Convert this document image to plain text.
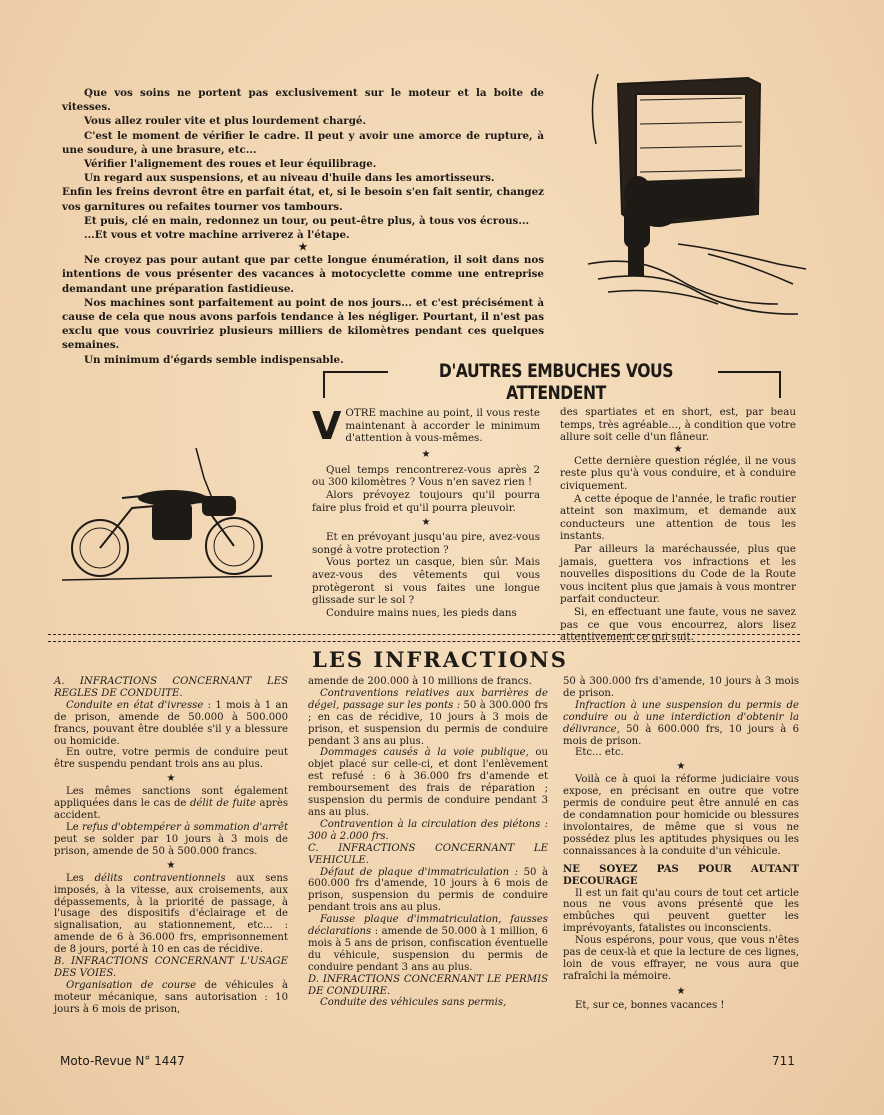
Que vos soins ne portent pas exclusivement sur le moteur et la boite de vitesses.

Vous allez rouler vite et plus lourdement chargé.

C'est le moment de vérifier le cadre. Il peut y avoir une amorce de rupture, à une soudure, à une brasure, etc...

Vérifier l'alignement des roues et leur équilibrage.

Un regard aux suspensions, et au niveau d'huile dans les amortisseurs.

Enfin les freins devront être en parfait état, et, si le besoin s'en fait sentir, changez vos garnitures ou refaites tourner vos tambours.

Et puis, clé en main, redonnez un tour, ou peut-être plus, à tous vos écrous...

...Et vous et votre machine arriverez à l'étape.

★

Ne croyez pas pour autant que par cette longue énumération, il soit dans nos intentions de vous présenter des vacances à motocyclette comme une entreprise demandant une préparation fastidieuse.

Nos machines sont parfaitement au point de nos jours... et c'est précisément à cause de cela que nous avons parfois tendance à les négliger. Pourtant, il n'est pas exclu que vous couvririez plusieurs milliers de kilomètres pendant ces quelques semaines.

Un minimum d'égards semble indispensable.

D'AUTRES EMBUCHES VOUS ATTENDENT

VOTRE machine au point, il vous reste maintenant à accorder le minimum d'attention à vous-mêmes.

★

Quel temps rencontrerez-vous après 2 ou 300 kilomètres ? Vous n'en savez rien !

Alors prévoyez toujours qu'il pourra faire plus froid et qu'il pourra pleuvoir.

★

Et en prévoyant jusqu'au pire, avez-vous songé à votre protection ?

Vous portez un casque, bien sûr. Mais avez-vous des vêtements qui vous protègeront si vous faites une longue glissade sur le sol ?

Conduire mains nues, les pieds dans

des spartiates et en short, est, par beau temps, très agréable..., à condition que votre allure soit celle d'un flâneur.

★

Cette dernière question réglée, il ne vous reste plus qu'à vous conduire, et à conduire civiquement.

A cette époque de l'année, le trafic routier atteint son maximum, et demande aux conducteurs une attention de tous les instants.

Par ailleurs la maréchaussée, plus que jamais, guettera vos infractions et les nouvelles dispositions du Code de la Route vous incitent plus que jamais à vous montrer parfait conducteur.

Si, en effectuant une faute, vous ne savez pas ce que vous encourrez, alors lisez attentivement ce qui suit.

LES INFRACTIONS

A. INFRACTIONS CONCERNANT LES REGLES DE CONDUITE.

Conduite en état d'ivresse : 1 mois à 1 an de prison, amende de 50.000 à 500.000 francs, pouvant être doublée s'il y a blessure ou homicide.

En outre, votre permis de conduire peut être suspendu pendant trois ans au plus.

★

Les mêmes sanctions sont également appliquées dans le cas de délit de fuite après accident.

Le refus d'obtempérer à sommation d'arrêt peut se solder par 10 jours à 3 mois de prison, amende de 50 à 500.000 francs.

★

Les délits contraventionnels aux sens imposés, à la vitesse, aux croisements, aux dépassements, à la priorité de passage, à l'usage des dispositifs d'éclairage et de signalisation, au stationnement, etc... : amende de 6 à 36.000 frs, emprisonnement de 8 jours, porté à 10 en cas de récidive.

B. INFRACTIONS CONCERNANT L'USAGE DES VOIES.

Organisation de course de véhicules à moteur mécanique, sans autorisation : 10 jours à 6 mois de prison,

amende de 200.000 à 10 millions de francs.

Contraventions relatives aux barrières de dégel, passage sur les ponts : 50 à 300.000 frs ; en cas de récidive, 10 jours à 3 mois de prison, et suspension du permis de conduire pendant 3 ans au plus.

Dommages causés à la voie publique, ou objet placé sur celle-ci, et dont l'enlèvement est refusé : 6 à 36.000 frs d'amende et remboursement des frais de réparation ; suspension du permis de conduire pendant 3 ans au plus.

Contravention à la circulation des piétons : 300 à 2.000 frs.

C. INFRACTIONS CONCERNANT LE VEHICULE.

Défaut de plaque d'immatriculation : 50 à 600.000 frs d'amende, 10 jours à 6 mois de prison, suspension du permis de conduire pendant trois ans au plus.

Fausse plaque d'immatriculation, fausses déclarations : amende de 50.000 à 1 million, 6 mois à 5 ans de prison, confiscation éventuelle du véhicule, suspension du permis de conduire pendant 3 ans au plus.

D. INFRACTIONS CONCERNANT LE PERMIS DE CONDUIRE.

Conduite des véhicules sans permis,

50 à 300.000 frs d'amende, 10 jours à 3 mois de prison.

Infraction à une suspension du permis de conduire ou à une interdiction d'obtenir la délivrance, 50 à 600.000 frs, 10 jours à 6 mois de prison.

Etc... etc.

★

Voilà ce à quoi la réforme judiciaire vous expose, en précisant en outre que votre permis de conduire peut être annulé en cas de condamnation pour homicide ou blessures involontaires, de même que si vous ne possédez plus les aptitudes physiques ou les connaissances à la conduite d'un véhicule.

NE SOYEZ PAS POUR AUTANT DECOURAGE

Il est un fait qu'au cours de tout cet article nous ne vous avons présenté que les embûches qui peuvent guetter les imprévoyants, fatalistes ou inconscients.

Nous espérons, pour vous, que vous n'êtes pas de ceux-là et que la lecture de ces lignes, loin de vous effrayer, ne vous aura que rafraîchi la mémoire.

★

Et, sur ce, bonnes vacances !

Moto-Revue N° 1447	711
